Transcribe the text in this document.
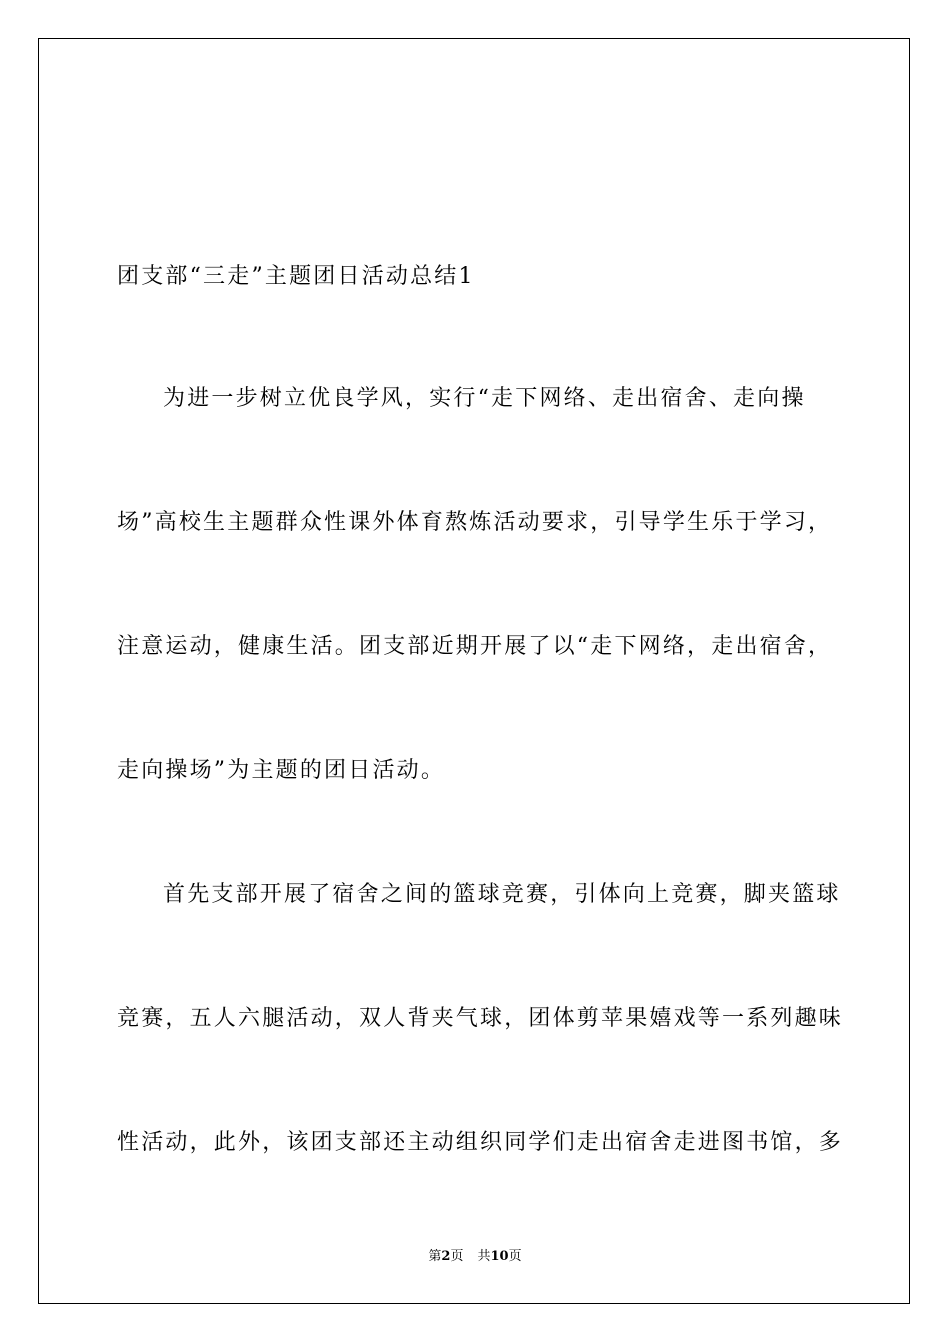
团支部“三走”主题团日活动总结1
为进一步树立优良学风，实行“走下网络、走出宿舍、走向操
场”高校生主题群众性课外体育熬炼活动要求，引导学生乐于学习，
注意运动，健康生活。团支部近期开展了以“走下网络，走出宿舍，
走向操场”为主题的团日活动。
首先支部开展了宿舍之间的篮球竞赛，引体向上竞赛，脚夹篮球
竞赛，五人六腿活动，双人背夹气球，团体剪苹果嬉戏等一系列趣味
性活动，此外，该团支部还主动组织同学们走出宿舍走进图书馆，多
第2页 共10页
